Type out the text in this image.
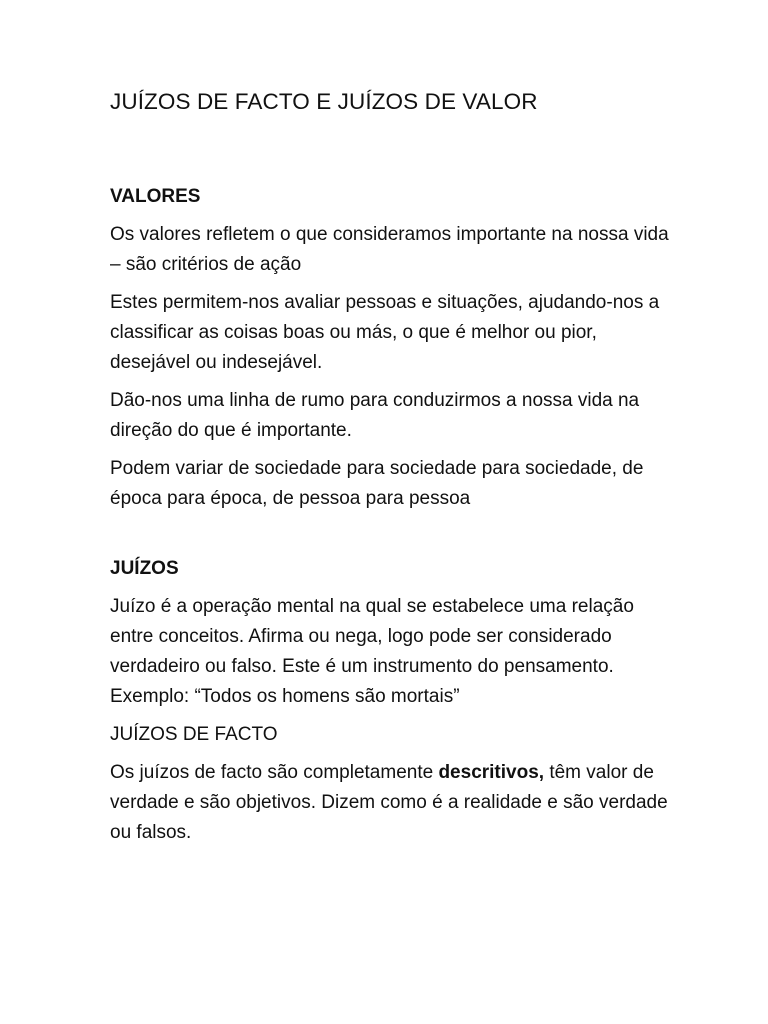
JUÍZOS DE FACTO E JUÍZOS DE VALOR
VALORES

Os valores refletem o que consideramos importante na nossa vida – são critérios de ação

Estes permitem-nos avaliar pessoas e situações, ajudando-nos a classificar as coisas boas ou más, o que é melhor ou pior, desejável ou indesejável.

Dão-nos uma linha de rumo para conduzirmos a nossa vida na direção do que é importante.

Podem variar de sociedade para sociedade para sociedade, de época para época, de pessoa para pessoa

JUÍZOS

Juízo é a operação mental na qual se estabelece uma relação entre conceitos. Afirma ou nega, logo pode ser considerado verdadeiro ou falso. Este é um instrumento do pensamento. Exemplo: “Todos os homens são mortais”

JUÍZOS DE FACTO

Os juízos de facto são completamente descritivos, têm valor de verdade e são objetivos. Dizem como é a realidade e são verdade ou falsos.
